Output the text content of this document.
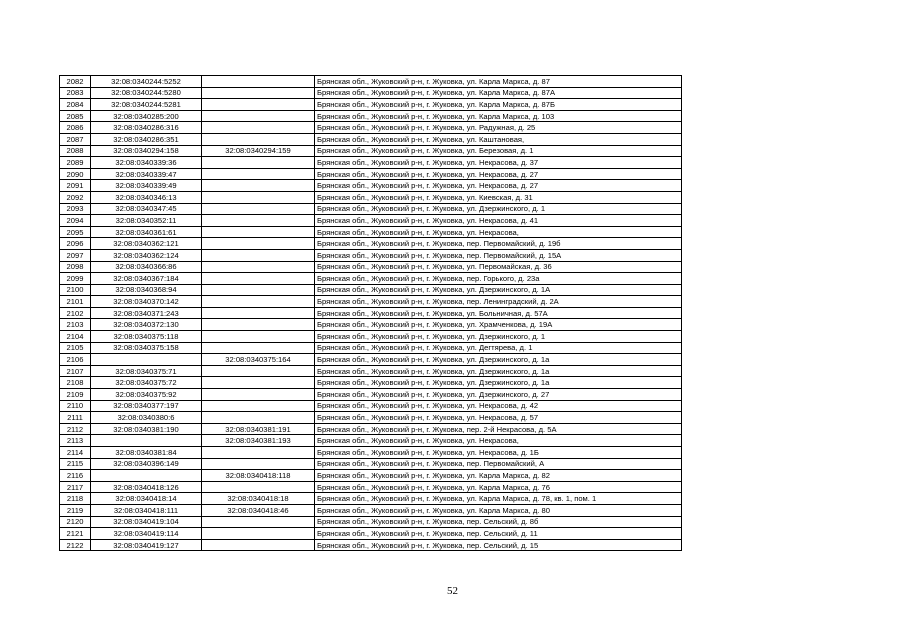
2082	32:08:0340244:5252		Брянская обл., Жуковский р-н, г. Жуковка, ул. Карла Маркса, д. 87
2083	32:08:0340244:5280		Брянская обл., Жуковский р-н, г. Жуковка, ул. Карла Маркса, д. 87А
2084	32:08:0340244:5281		Брянская обл., Жуковский р-н, г. Жуковка, ул. Карла Маркса, д. 87Б
2085	32:08:0340285:200		Брянская обл., Жуковский р-н, г. Жуковка, ул. Карла Маркса, д. 103
2086	32:08:0340286:316		Брянская обл., Жуковский р-н, г. Жуковка, ул. Радужная, д. 25
2087	32:08:0340286:351		Брянская обл., Жуковский р-н, г. Жуковка, ул. Каштановая,
2088	32:08:0340294:158	32:08:0340294:159	Брянская обл., Жуковский р-н, г. Жуковка, ул. Березовая, д. 1
2089	32:08:0340339:36		Брянская обл., Жуковский р-н, г. Жуковка, ул. Некрасова, д. 37
2090	32:08:0340339:47		Брянская обл., Жуковский р-н, г. Жуковка, ул. Некрасова, д. 27
2091	32:08:0340339:49		Брянская обл., Жуковский р-н, г. Жуковка, ул. Некрасова, д. 27
2092	32:08:0340346:13		Брянская обл., Жуковский р-н, г. Жуковка, ул. Киевская, д. 31
2093	32:08:0340347:45		Брянская обл., Жуковский р-н, г. Жуковка, ул. Дзержинского, д. 1
2094	32:08:0340352:11		Брянская обл., Жуковский р-н, г. Жуковка, ул. Некрасова, д. 41
2095	32:08:0340361:61		Брянская обл., Жуковский р-н, г. Жуковка, ул. Некрасова,
2096	32:08:0340362:121		Брянская обл., Жуковский р-н, г. Жуковка, пер. Первомайский, д. 19б
2097	32:08:0340362:124		Брянская обл., Жуковский р-н, г. Жуковка, пер. Первомайский, д. 15А
2098	32:08:0340366:86		Брянская обл., Жуковский р-н, г. Жуковка, ул. Первомайская, д. 36
2099	32:08:0340367:184		Брянская обл., Жуковский р-н, г. Жуковка, пер. Горького, д. 23а
2100	32:08:0340368:94		Брянская обл., Жуковский р-н, г. Жуковка, ул. Дзержинского, д. 1А
2101	32:08:0340370:142		Брянская обл., Жуковский р-н, г. Жуковка, пер. Ленинградский, д. 2А
2102	32:08:0340371:243		Брянская обл., Жуковский р-н, г. Жуковка, ул. Больничная, д. 57А
2103	32:08:0340372:130		Брянская обл., Жуковский р-н, г. Жуковка, ул. Храмченкова, д. 19А
2104	32:08:0340375:118		Брянская обл., Жуковский р-н, г. Жуковка, ул. Дзержинского, д. 1
2105	32:08:0340375:158		Брянская обл., Жуковский р-н, г. Жуковка, ул. Дегтярева, д. 1
2106		32:08:0340375:164	Брянская обл., Жуковский р-н, г. Жуковка, ул. Дзержинского, д. 1а
2107	32:08:0340375:71		Брянская обл., Жуковский р-н, г. Жуковка, ул. Дзержинского, д. 1а
2108	32:08:0340375:72		Брянская обл., Жуковский р-н, г. Жуковка, ул. Дзержинского, д. 1а
2109	32:08:0340375:92		Брянская обл., Жуковский р-н, г. Жуковка, ул. Дзержинского, д. 27
2110	32:08:0340377:197		Брянская обл., Жуковский р-н, г. Жуковка, ул. Некрасова, д. 42
2111	32:08:0340380:6		Брянская обл., Жуковский р-н, г. Жуковка, ул. Некрасова, д. 57
2112	32:08:0340381:190	32:08:0340381:191	Брянская обл., Жуковский р-н, г. Жуковка, пер. 2-й Некрасова, д. 5А
2113		32:08:0340381:193	Брянская обл., Жуковский р-н, г. Жуковка, ул. Некрасова,
2114	32:08:0340381:84		Брянская обл., Жуковский р-н, г. Жуковка, ул. Некрасова, д. 1Б
2115	32:08:0340396:149		Брянская обл., Жуковский р-н, г. Жуковка, пер. Первомайский, А
2116		32:08:0340418:118	Брянская обл., Жуковский р-н, г. Жуковка, ул. Карла Маркса, д. 82
2117	32:08:0340418:126		Брянская обл., Жуковский р-н, г. Жуковка, ул. Карла Маркса, д. 76
2118	32:08:0340418:14	32:08:0340418:18	Брянская обл., Жуковский р-н, г. Жуковка, ул. Карла Маркса, д. 78, кв. 1, пом. 1
2119	32:08:0340418:111	32:08:0340418:46	Брянская обл., Жуковский р-н, г. Жуковка, ул. Карла Маркса, д. 80
2120	32:08:0340419:104		Брянская обл., Жуковский р-н, г. Жуковка, пер. Сельский, д. 8б
2121	32:08:0340419:114		Брянская обл., Жуковский р-н, г. Жуковка, пер. Сельский, д. 11
2122	32:08:0340419:127		Брянская обл., Жуковский р-н, г. Жуковка, пер. Сельский, д. 15
52
